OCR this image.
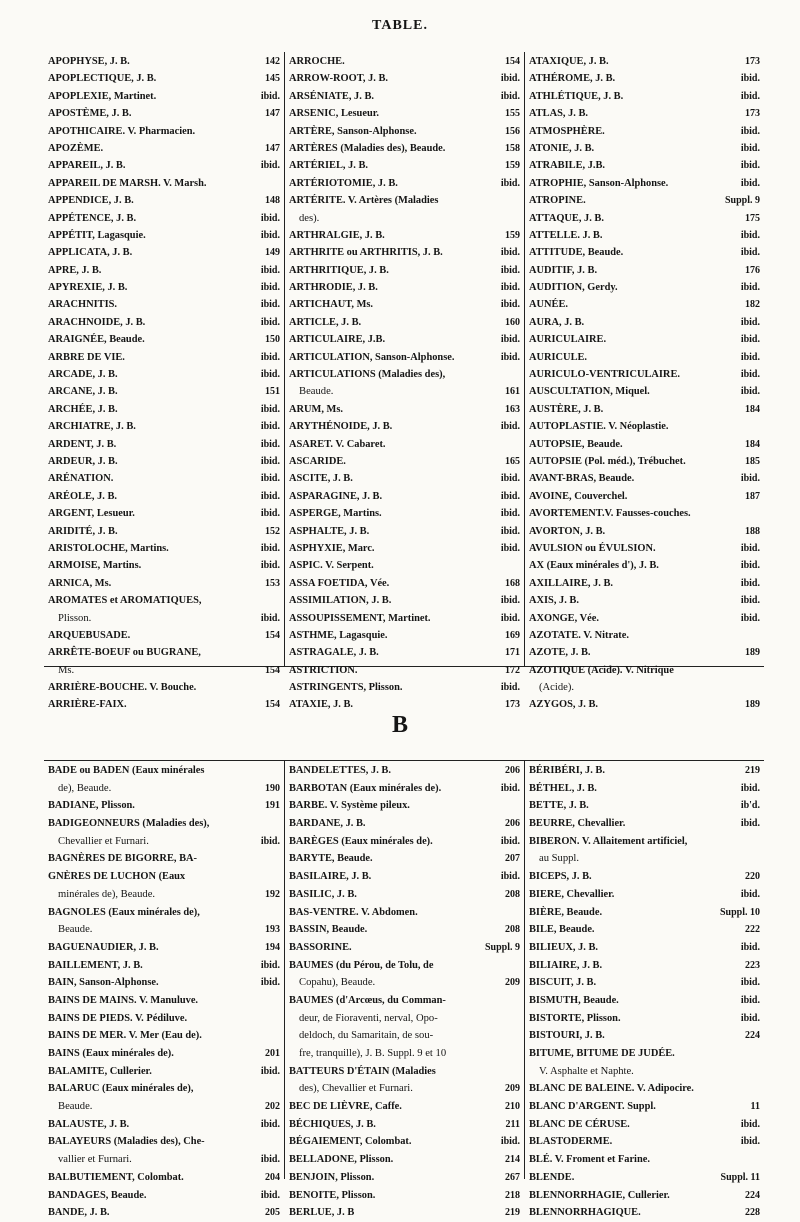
TABLE.
APOPHYSE, J. B.	142
APOPLECTIQUE, J. B.	145
APOPLEXIE, Martinet.	ibid.
APOSTÈME, J. B.	147
APOTHICAIRE. V. Pharmacien.
APOZÈME.	147
APPAREIL, J. B.	ibid.
APPAREIL DE MARSH. V. Marsh.
APPENDICE, J. B.	148
APPÉTENCE, J. B.	ibid.
APPÉTIT, Lagasquie.	ibid.
APPLICATA, J. B.	149
APRE, J. B.	ibid.
APYREXIE, J. B.	ibid.
ARACHNITIS.	ibid.
ARACHNOIDE, J. B.	ibid.
ARAIGNÉE, Beaude.	150
ARBRE DE VIE.	ibid.
ARCADE, J. B.	ibid.
ARCANE, J. B.	151
ARCHÉE, J. B.	ibid.
ARCHIATRE, J. B.	ibid.
ARDENT, J. B.	ibid.
ARDEUR, J. B.	ibid.
ARÉNATION.	ibid.
ARÉOLE, J. B.	ibid.
ARGENT, Lesueur.	ibid.
ARIDITÉ, J. B.	152
ARISTOLOCHE, Martins.	ibid.
ARMOISE, Martins.	ibid.
ARNICA, Ms.	153
AROMATES et AROMATIQUES,
Plisson.	ibid.
ARQUEBUSADE.	154
ARRÊTE-BOEUF ou BUGRANE,
Ms.	154
ARRIÈRE-BOUCHE. V. Bouche.
ARRIÈRE-FAIX.	154
ARROCHE.	154
ARROW-ROOT, J. B.	ibid.
ARSÉNIATE, J. B.	ibid.
ARSENIC, Lesueur.	155
ARTÈRE, Sanson-Alphonse.	156
ARTÈRES (Maladies des), Beaude.	158
ARTÉRIEL, J. B.	159
ARTÉRIOTOMIE, J. B.	ibid.
ARTÉRITE. V. Artères (Maladies
des).
ARTHRALGIE, J. B.	159
ARTHRITE ou ARTHRITIS, J. B.	ibid.
ARTHRITIQUE, J. B.	ibid.
ARTHRODIE, J. B.	ibid.
ARTICHAUT, Ms.	ibid.
ARTICLE, J. B.	160
ARTICULAIRE, J.B.	ibid.
ARTICULATION, Sanson-Alphonse.	ibid.
ARTICULATIONS (Maladies des),
Beaude.	161
ARUM, Ms.	163
ARYTHÉNOIDE, J. B.	ibid.
ASARET. V. Cabaret.
ASCARIDE.	165
ASCITE, J. B.	ibid.
ASPARAGINE, J. B.	ibid.
ASPERGE, Martins.	ibid.
ASPHALTE, J. B.	ibid.
ASPHYXIE, Marc.	ibid.
ASPIC. V. Serpent.
ASSA FOETIDA, Vée.	168
ASSIMILATION, J. B.	ibid.
ASSOUPISSEMENT, Martinet.	ibid.
ASTHME, Lagasquie.	169
ASTRAGALE, J. B.	171
ASTRICTION.	172
ASTRINGENTS, Plisson.	ibid.
ATAXIE, J. B.	173
ATAXIQUE, J. B.	173
ATHÉROME, J. B.	ibid.
ATHLÉTIQUE, J. B.	ibid.
ATLAS, J. B.	173
ATMOSPHÈRE.	ibid.
ATONIE, J. B.	ibid.
ATRABILE, J.B.	ibid.
ATROPHIE, Sanson-Alphonse.	ibid.
ATROPINE.	Suppl. 9
ATTAQUE, J. B.	175
ATTELLE. J. B.	ibid.
ATTITUDE, Beaude.	ibid.
AUDITIF, J. B.	176
AUDITION, Gerdy.	ibid.
AUNÉE.	182
AURA, J. B.	ibid.
AURICULAIRE.	ibid.
AURICULE.	ibid.
AURICULO-VENTRICULAIRE.	ibid.
AUSCULTATION, Miquel.	ibid.
AUSTÈRE, J. B.	184
AUTOPLASTIE. V. Néoplastie.
AUTOPSIE, Beaude.	184
AUTOPSIE (Pol. méd.), Trébuchet.	185
AVANT-BRAS, Beaude.	ibid.
AVOINE, Couverchel.	187
AVORTEMENT.V. Fausses-couches.
AVORTON, J. B.	188
AVULSION ou ÉVULSION.	ibid.
AX (Eaux minérales d'), J. B.	ibid.
AXILLAIRE, J. B.	ibid.
AXIS, J. B.	ibid.
AXONGE, Vée.	ibid.
AZOTATE. V. Nitrate.
AZOTE, J. B.	189
AZOTIQUE (Acide). V. Nitrique
(Acide).
AZYGOS, J. B.	189
B
BADE ou BADEN (Eaux minérales
de), Beaude.	190
BADIANE, Plisson.	191
BADIGEONNEURS (Maladies des),
Chevallier et Furnari.	ibid.
BAGNÈRES DE BIGORRE, BA-
GNÈRES DE LUCHON (Eaux
minérales de), Beaude.	192
BAGNOLES (Eaux minérales de),
Beaude.	193
BAGUENAUDIER, J. B.	194
BAILLEMENT, J. B.	ibid.
BAIN, Sanson-Alphonse.	ibid.
BAINS DE MAINS. V. Manuluve.
BAINS DE PIEDS. V. Pédiluve.
BAINS DE MER. V. Mer (Eau de).
BAINS (Eaux minérales de).	201
BALAMITE, Cullerier.	ibid.
BALARUC (Eaux minérales de),
Beaude.	202
BALAUSTE, J. B.	ibid.
BALAYEURS (Maladies des), Che-
vallier et Furnari.	ibid.
BALBUTIEMENT, Colombat.	204
BANDAGES, Beaude.	ibid.
BANDE, J. B.	205
BANDELETTES, J. B.	206
BARBOTAN (Eaux minérales de).	ibid.
BARBE. V. Système pileux.
BARDANE, J. B.	206
BARÈGES (Eaux minérales de).	ibid.
BARYTE, Beaude.	207
BASILAIRE, J. B.	ibid.
BASILIC, J. B.	208
BAS-VENTRE. V. Abdomen.
BASSIN, Beaude.	208
BASSORINE.	Suppl. 9
BAUMES (du Pérou, de Tolu, de
Copahu), Beaude.	209
BAUMES (d'Arcœus, du Comman-
deur, de Fioraventi, nerval, Opo-
deldoch, du Samaritain, de sou-
fre, tranquille), J. B. Suppl. 9 et 10
BATTEURS D'ÉTAIN (Maladies
des), Chevallier et Furnari.	209
BEC DE LIÈVRE, Caffe.	210
BÉCHIQUES, J. B.	211
BÉGAIEMENT, Colombat.	ibid.
BELLADONE, Plisson.	214
BENJOIN, Plisson.	267
BENOITE, Plisson.	218
BERLUE, J. B	219
BÉRIBÉRI, J. B.	219
BÉTHEL, J. B.	ibid.
BETTE, J. B.	ib'd.
BEURRE, Chevallier.	ibid.
BIBERON. V. Allaitement artificiel,
au Suppl.
BICEPS, J. B.	220
BIERE, Chevallier.	ibid.
BIÈRE, Beaude.	Suppl. 10
BILE, Beaude.	222
BILIEUX, J. B.	ibid.
BILIAIRE, J. B.	223
BISCUIT, J. B.	ibid.
BISMUTH, Beaude.	ibid.
BISTORTE, Plisson.	ibid.
BISTOURI, J. B.	224
BITUME, BITUME DE JUDÉE.
V. Asphalte et Naphte.
BLANC DE BALEINE. V. Adipocire.
BLANC D'ARGENT. Suppl.	11
BLANC DE CÉRUSE.	ibid.
BLASTODERME.	ibid.
BLÉ. V. Froment et Farine.
BLENDE.	Suppl. 11
BLENNORRHAGIE, Cullerier.	224
BLENNORRHAGIQUE.	228
